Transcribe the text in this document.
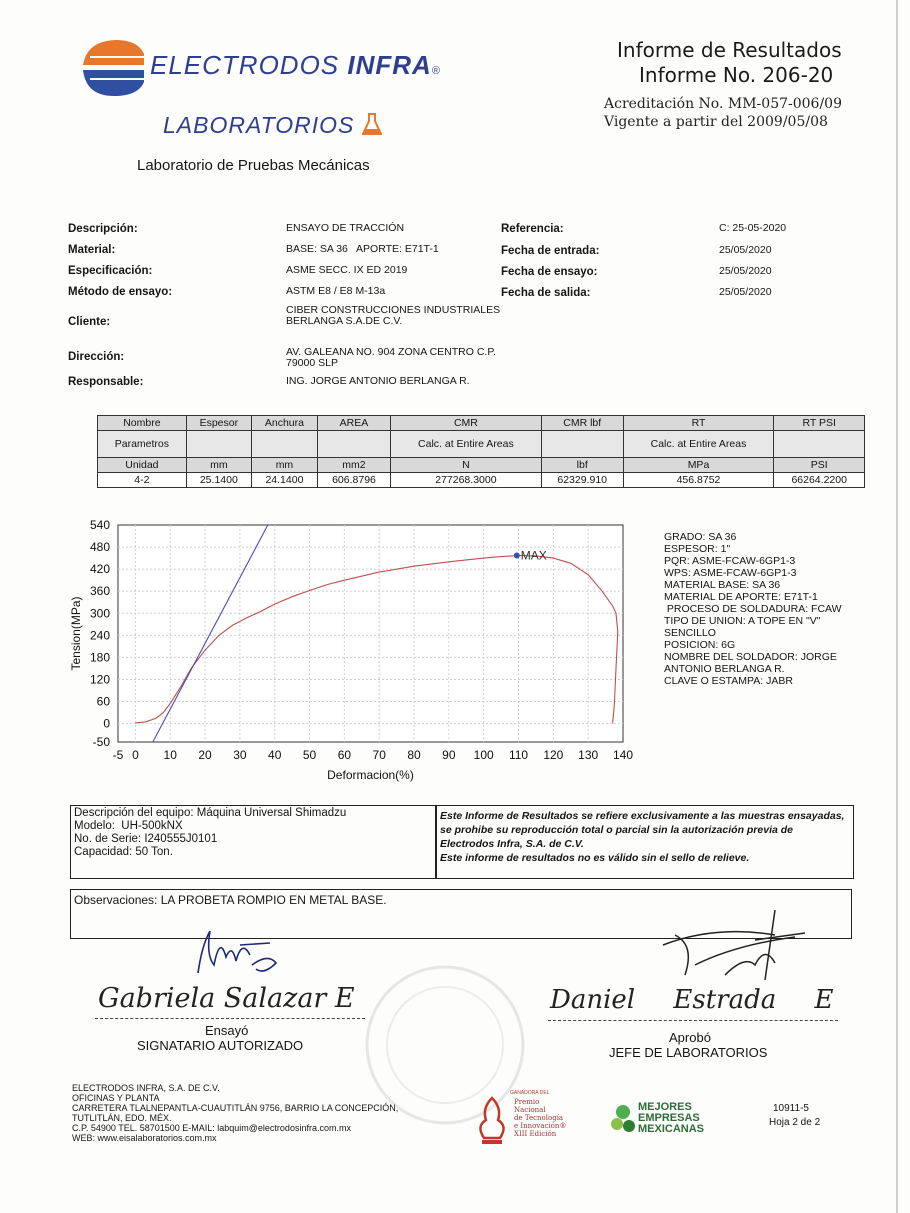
ELECTRODOS INFRA®
LABORATORIOS
Laboratorio de Pruebas Mecánicas
Informe de Resultados
Informe No. 206-20
Acreditación No. MM-057-006/09
Vigente a partir del 2009/05/08
Descripción:	ENSAYO DE TRACCIÓN
Material:	BASE: SA 36   APORTE: E71T-1
Especificación:	ASME SECC. IX ED 2019
Método de ensayo:	ASTM E8 / E8 M-13a
Cliente:
CIBER CONSTRUCCIONES INDUSTRIALES BERLANGA S.A.DE C.V.
Dirección:	AV. GALEANA NO. 904 ZONA CENTRO C.P. 79000 SLP
Responsable:	ING. JORGE ANTONIO BERLANGA R.
Referencia:	C: 25-05-2020
Fecha de entrada:	25/05/2020
Fecha de ensayo:	25/05/2020
Fecha de salida:	25/05/2020
Nombre	Espesor	Anchura	AREA	CMR	CMR lbf	RT	RT PSI
Parametros				Calc. at Entire Areas		Calc. at Entire Areas	
Unidad	mm	mm	mm2	N	lbf	MPa	PSI
4-2	25.1400	24.1400	606.8796	277268.3000	62329.910	456.8752	66264.2200
-5 0 10 20 30 40 50 60 70 80 90 100 110 120 130 140
540
480
420
360
300
240
180
120
60
0
-50
Deformacion(%)
Tension(MPa)
MAX
GRADO: SA 36
ESPESOR: 1"
PQR: ASME-FCAW-6GP1-3
WPS: ASME-FCAW-6GP1-3
MATERIAL BASE: SA 36
MATERIAL DE APORTE: E71T-1
PROCESO DE SOLDADURA: FCAW
TIPO DE UNION: A TOPE EN "V"
SENCILLO
POSICION: 6G
NOMBRE DEL SOLDADOR: JORGE
ANTONIO BERLANGA R.
CLAVE O ESTAMPA: JABR
Descripción del equipo: Máquina Universal Shimadzu
Modelo:  UH-500kNX
No. de Serie: I240555J0101
Capacidad: 50 Ton.
Este Informe de Resultados se refiere exclusivamente a las muestras ensayadas, se prohibe su reproducción total o parcial sin la autorización previa de Electrodos Infra, S.A. de C.V.
Este informe de resultados no es válido sin el sello de relieve.
Observaciones: LA PROBETA ROMPIO EN METAL BASE.
Gabriela Salazar E
Ensayó
SIGNATARIO AUTORIZADO
Daniel Estrada E
Aprobó
JEFE DE LABORATORIOS
ELECTRODOS INFRA, S.A. DE C.V.
OFICINAS Y PLANTA
CARRETERA TLALNEPANTLA-CUAUTITLÁN 9756, BARRIO LA CONCEPCIÓN,
TUTLITLÁN, EDO. MÉX.
C.P. 54900 TEL. 58701500 E-MAIL: labquim@electrodosinfra.com.mx
WEB: www.eisalaboratorios.com.mx
GANADORA DEL
Premio
Nacional
de Tecnología
e Innovación®
XIII Edición
MEJORES
EMPRESAS
MEXICANAS
10911-5
Hoja 2 de 2
